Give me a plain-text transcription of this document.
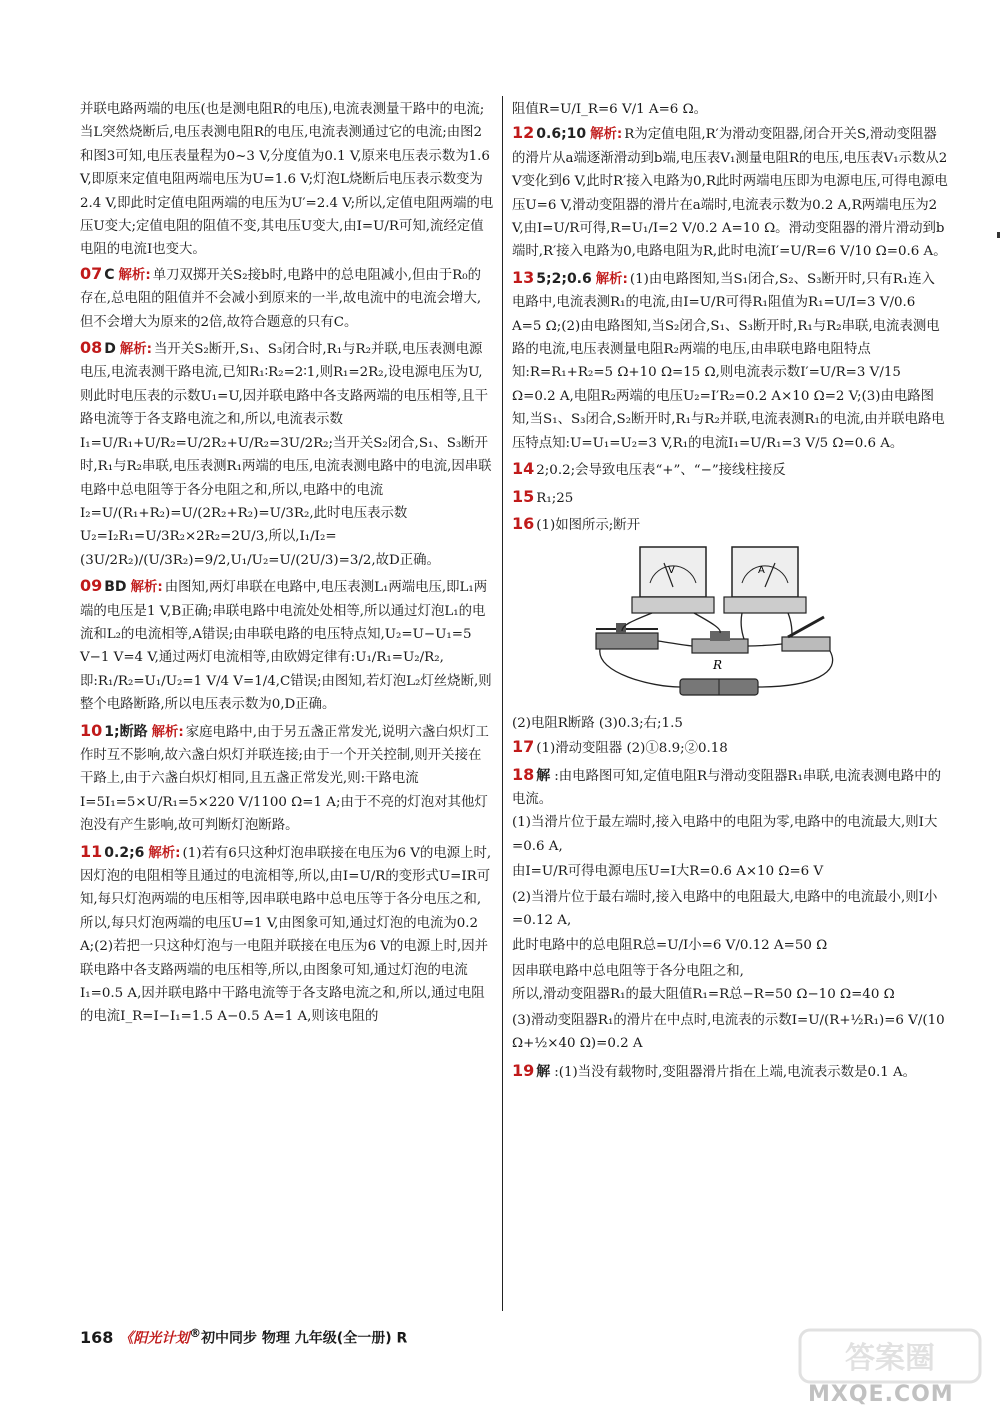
并联电路两端的电压(也是测电阻R的电压),电流表测量干路中的电流;当L突然烧断后,电压表测电阻R的电压,电流表测通过它的电流;由图2和图3可知,电压表量程为0~3 V,分度值为0.1 V,原来电压表示数为1.6 V,即原来定值电阻两端电压为U=1.6 V;灯泡L烧断后电压表示数变为2.4 V,即此时定值电阻两端的电压为U′=2.4 V;所以,定值电阻两端的电压U变大;定值电阻的阻值不变,其电压U变大,由I=U/R可知,流经定值电阻的电流I也变大。

07 C 解析: 单刀双掷开关S₂接b时,电路中的总电阻减小,但由于R₀的存在,总电阻的阻值并不会减小到原来的一半,故电流中的电流会增大,但不会增大为原来的2倍,故符合题意的只有C。
08 D 解析: 当开关S₂断开,S₁、S₃闭合时,R₁与R₂并联,电压表测电源电压,电流表测干路电流,已知R₁∶R₂=2∶1,则R₁=2R₂,设电源电压为U,则此时电压表的示数U₁=U,因并联电路中各支路两端的电压相等,且干路电流等于各支路电流之和,所以,电流表示数I₁=U/R₁+U/R₂=U/2R₂+U/R₂=3U/2R₂;当开关S₂闭合,S₁、S₃断开时,R₁与R₂串联,电压表测R₁两端的电压,电流表测电路中的电流,因串联电路中总电阻等于各分电阻之和,所以,电路中的电流I₂=U/(R₁+R₂)=U/(2R₂+R₂)=U/3R₂,此时电压表示数U₂=I₂R₁=U/3R₂×2R₂=2U/3,所以,I₁/I₂=(3U/2R₂)/(U/3R₂)=9/2,U₁/U₂=U/(2U/3)=3/2,故D正确。
09 BD 解析: 由图知,两灯串联在电路中,电压表测L₁两端电压,即L₁两端的电压是1 V,B正确;串联电路中电流处处相等,所以通过灯泡L₁的电流和L₂的电流相等,A错误;由串联电路的电压特点知,U₂=U−U₁=5 V−1 V=4 V,通过两灯电流相等,由欧姆定律有:U₁/R₁=U₂/R₂,即:R₁/R₂=U₁/U₂=1 V/4 V=1/4,C错误;由图知,若灯泡L₂灯丝烧断,则整个电路断路,所以电压表示数为0,D正确。
10 1;断路 解析: 家庭电路中,由于另五盏正常发光,说明六盏白炽灯工作时互不影响,故六盏白炽灯并联连接;由于一个开关控制,则开关接在干路上,由于六盏白炽灯相同,且五盏正常发光,则:干路电流I=5I₁=5×U/R₁=5×220 V/1100 Ω=1 A;由于不亮的灯泡对其他灯泡没有产生影响,故可判断灯泡断路。
11 0.2;6 解析: (1)若有6只这种灯泡串联接在电压为6 V的电源上时,因灯泡的电阻相等且通过的电流相等,所以,由I=U/R的变形式U=IR可知,每只灯泡两端的电压相等,因串联电路中总电压等于各分电压之和,所以,每只灯泡两端的电压U=1 V,由图象可知,通过灯泡的电流为0.2 A;(2)若把一只这种灯泡与一电阻并联接在电压为6 V的电源上时,因并联电路中各支路两端的电压相等,所以,由图象可知,通过灯泡的电流I₁=0.5 A,因并联电路中干路电流等于各支路电流之和,所以,通过电阻的电流I_R=I−I₁=1.5 A−0.5 A=1 A,则该电阻的

阻值R=U/I_R=6 V/1 A=6 Ω。

12 0.6;10 解析: R为定值电阻,R′为滑动变阻器,闭合开关S,滑动变阻器的滑片从a端逐渐滑动到b端,电压表V₁测量电阻R的电压,电压表V₁示数从2 V变化到6 V,此时R′接入电路为0,R此时两端电压即为电源电压,可得电源电压U=6 V,滑动变阻器的滑片在a端时,电流表示数为0.2 A,R两端电压为2 V,由I=U/R可得,R=U₁/I=2 V/0.2 A=10 Ω。滑动变阻器的滑片滑动到b端时,R′接入电路为0,电路电阻为R,此时电流I′=U/R=6 V/10 Ω=0.6 A。
13 5;2;0.6 解析: (1)由电路图知,当S₁闭合,S₂、S₃断开时,只有R₁连入电路中,电流表测R₁的电流,由I=U/R可得R₁阻值为R₁=U/I=3 V/0.6 A=5 Ω;(2)由电路图知,当S₂闭合,S₁、S₃断开时,R₁与R₂串联,电流表测电路的电流,电压表测量电阻R₂两端的电压,由串联电路电阻特点知:R=R₁+R₂=5 Ω+10 Ω=15 Ω,则电流表示数I′=U/R=3 V/15 Ω=0.2 A,电阻R₂两端的电压U₂=I′R₂=0.2 A×10 Ω=2 V;(3)由电路图知,当S₁、S₃闭合,S₂断开时,R₁与R₂并联,电流表测R₁的电流,由并联电路电压特点知:U=U₁=U₂=3 V,R₁的电流I₁=U/R₁=3 V/5 Ω=0.6 A。
14 2;0.2;会导致电压表“+”、“−”接线柱接反
15 R₁;25
16 (1)如图所示;断开
V	A
R

(2)电阻R断路 (3)0.3;右;1.5

17 (1)滑动变阻器 (2)①8.9;②0.18
18 解 :由电路图可知,定值电阻R与滑动变阻器R₁串联,电流表测电路中的电流。

(1)当滑片位于最左端时,接入电路中的电阻为零,电路中的电流最大,则I大=0.6 A,

由I=U/R可得电源电压U=I大R=0.6 A×10 Ω=6 V

(2)当滑片位于最右端时,接入电路中的电阻最大,电路中的电流最小,则I小=0.12 A,

此时电路中的总电阻R总=U/I小=6 V/0.12 A=50 Ω

因串联电路中总电阻等于各分电阻之和,

所以,滑动变阻器R₁的最大阻值R₁=R总−R=50 Ω−10 Ω=40 Ω

(3)滑动变阻器R₁的滑片在中点时,电流表的示数I=U/(R+½R₁)=6 V/(10 Ω+½×40 Ω)=0.2 A

19 解 :(1)当没有载物时,变阻器滑片指在上端,电流表示数是0.1 A。
168 《阳光计划®初中同步 物理 九年级(全一册) R
答案圈
MXQE.COM
